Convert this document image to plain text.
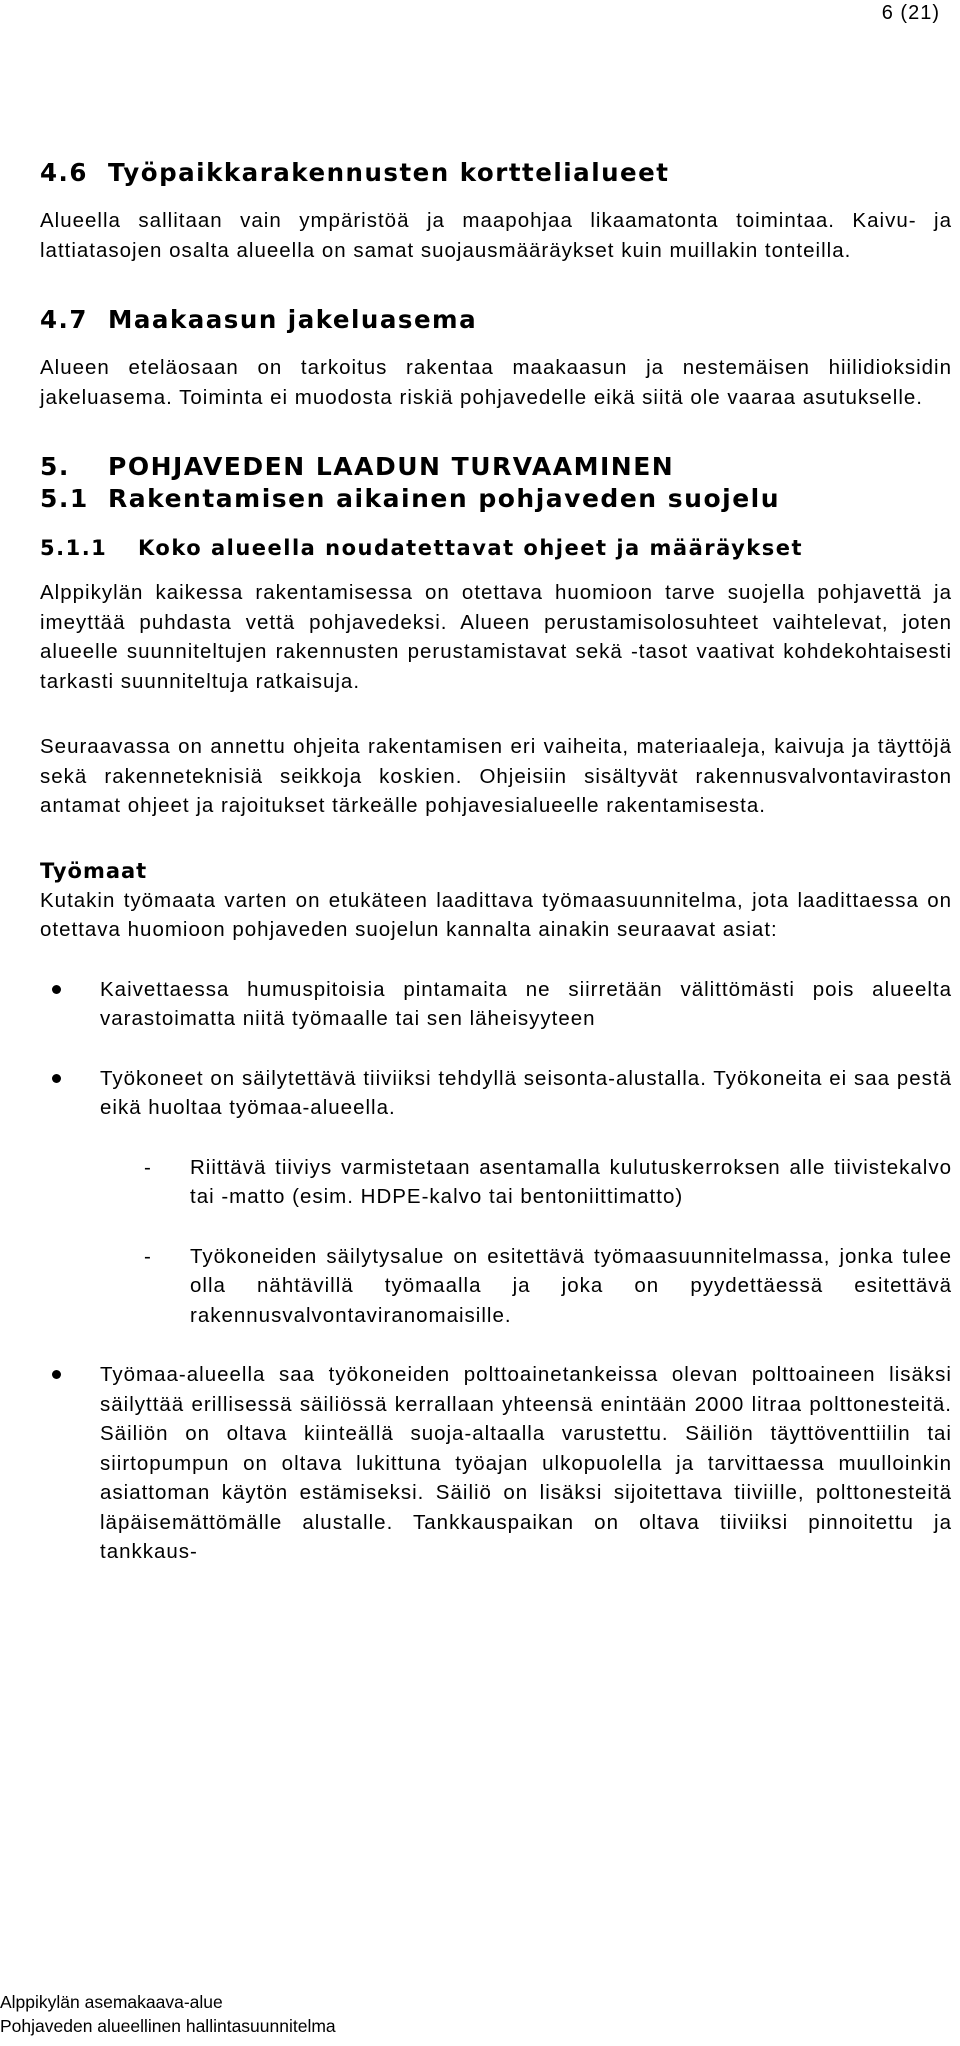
6 (21)
4.6 Työpaikkarakennusten korttelialueet

Alueella sallitaan vain ympäristöä ja maapohjaa likaamatonta toimintaa. Kaivu- ja lattiatasojen osalta alueella on samat suojausmääräykset kuin muillakin tonteilla.

4.7 Maakaasun jakeluasema

Alueen eteläosaan on tarkoitus rakentaa maakaasun ja nestemäisen hiilidioksidin jakeluasema. Toiminta ei muodosta riskiä pohjavedelle eikä siitä ole vaaraa asutukselle.

5. POHJAVEDEN LAADUN TURVAAMINEN
5.1 Rakentamisen aikainen pohjaveden suojelu
5.1.1 Koko alueella noudatettavat ohjeet ja määräykset

Alppikylän kaikessa rakentamisessa on otettava huomioon tarve suojella pohjavettä ja imeyttää puhdasta vettä pohjavedeksi. Alueen perustamisolosuhteet vaihtelevat, joten alueelle suunniteltujen rakennusten perustamistavat sekä -tasot vaativat kohdekohtaisesti tarkasti suunniteltuja ratkaisuja.

Seuraavassa on annettu ohjeita rakentamisen eri vaiheita, materiaaleja, kaivuja ja täyttöjä sekä rakenneteknisiä seikkoja koskien. Ohjeisiin sisältyvät rakennusvalvontaviraston antamat ohjeet ja rajoitukset tärkeälle pohjavesialueelle rakentamisesta.

Työmaat

Kutakin työmaata varten on etukäteen laadittava työmaasuunnitelma, jota laadittaessa on otettava huomioon pohjaveden suojelun kannalta ainakin seuraavat asiat:

Kaivettaessa humuspitoisia pintamaita ne siirretään välittömästi pois alueelta varastoimatta niitä työmaalle tai sen läheisyyteen

Työkoneet on säilytettävä tiiviiksi tehdyllä seisonta-alustalla. Työkoneita ei saa pestä eikä huoltaa työmaa-alueella.

- Riittävä tiiviys varmistetaan asentamalla kulutuskerroksen alle tiivistekalvo tai -matto (esim. HDPE-kalvo tai bentoniittimatto)

- Työkoneiden säilytysalue on esitettävä työmaasuunnitelmassa, jonka tulee olla nähtävillä työmaalla ja joka on pyydettäessä esitettävä rakennusvalvontaviranomaisille.

Työmaa-alueella saa työkoneiden polttoainetankeissa olevan polttoaineen lisäksi säilyttää erillisessä säiliössä kerrallaan yhteensä enintään 2000 litraa polttonesteitä. Säiliön on oltava kiinteällä suoja-altaalla varustettu. Säiliön täyttöventtiilin tai siirtopumpun on oltava lukittuna työajan ulkopuolella ja tarvittaessa muulloinkin asiattoman käytön estämiseksi. Säiliö on lisäksi sijoitettava tiiviille, polttonesteitä läpäisemättömälle alustalle. Tankkauspaikan on oltava tiiviiksi pinnoitettu ja tankkaus-

Alppikylän asemakaava-alue
Pohjaveden alueellinen hallintasuunnitelma
